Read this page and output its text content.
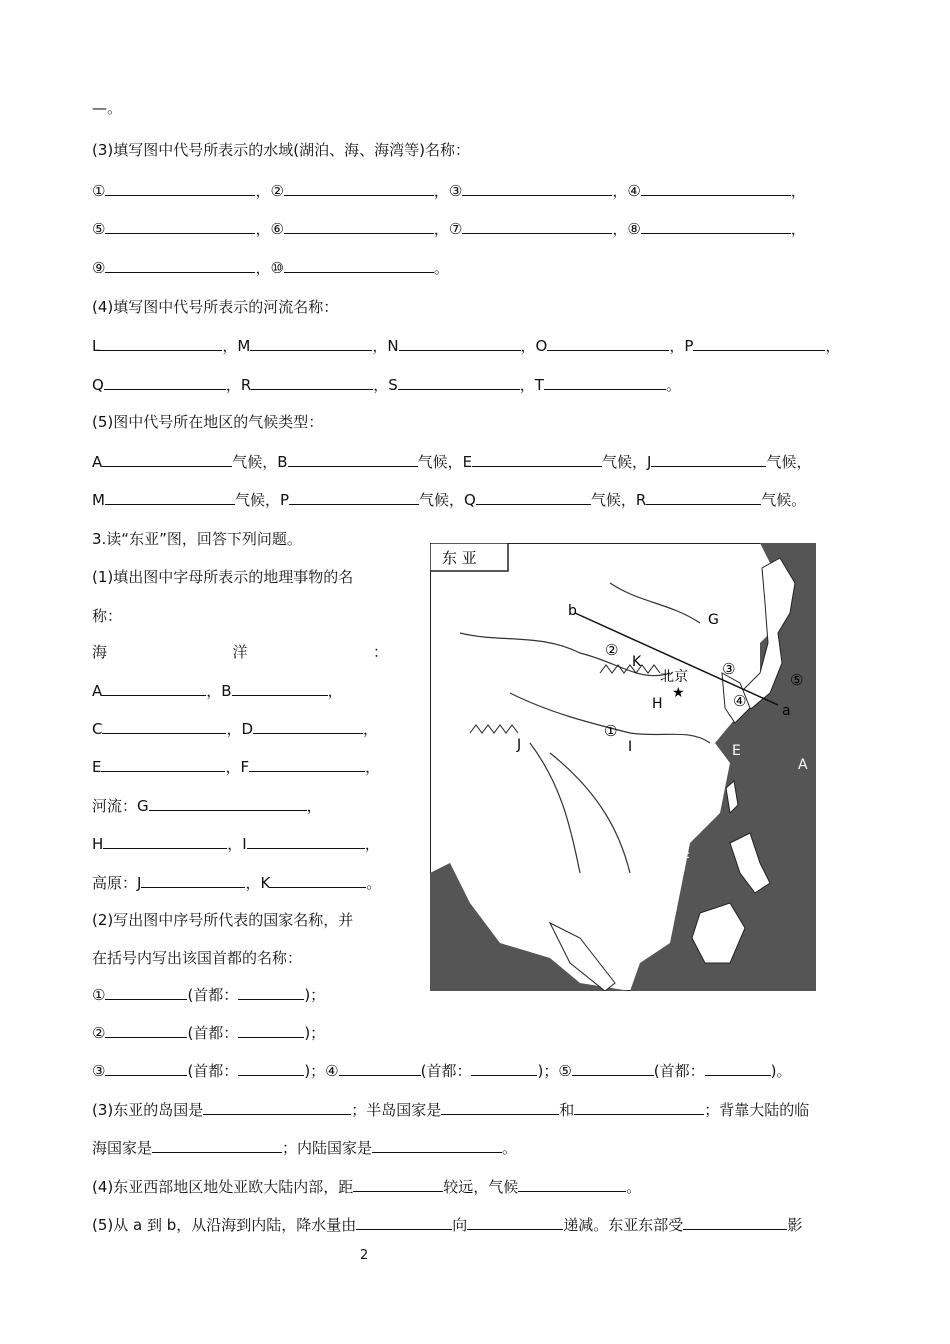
—。
(3)填写图中代号所表示的水域(湖泊、海、海湾等)名称：
①	，②	，③	，④	，
⑤	，⑥	，⑦	，⑧	，
⑨	，⑩	。
(4)填写图中代号所表示的河流名称：
L	，M	，N	，O	，P	，
Q	，R	，S	，T	。
(5)图中代号所在地区的气候类型：
A	气候，B	气候，E	气候，J	气候，
M	气候，P	气候，Q	气候，R	气候。
3.读“东亚”图，回答下列问题。
(1)填出图中字母所表示的地理事物的名
称：
海	洋	：
A	，B	，
C	，D	，
E	，F	，
河流：G	，
H	，I	，
高原：J	，K	。
(2)写出图中序号所代表的国家名称，并
在括号内写出该国首都的名称：
①	(首都：	)；
②	(首都：	)；
③	(首都：	)；④	(首都：	)；⑤	(首都：	)。
(3)东亚的岛国是	；半岛国家是	和	；背靠大陆的临
海国家是	；内陆国家是	。
(4)东亚西部地区地处亚欧大陆内部，距	较远，气候	。
(5)从 a 到 b，从沿海到内陆，降水量由	向	递减。东亚东部受	影
东 亚
★
北京
A
B
D
E
F
G
H
I
J
K
a
b
①
②
③
④
⑤
2
